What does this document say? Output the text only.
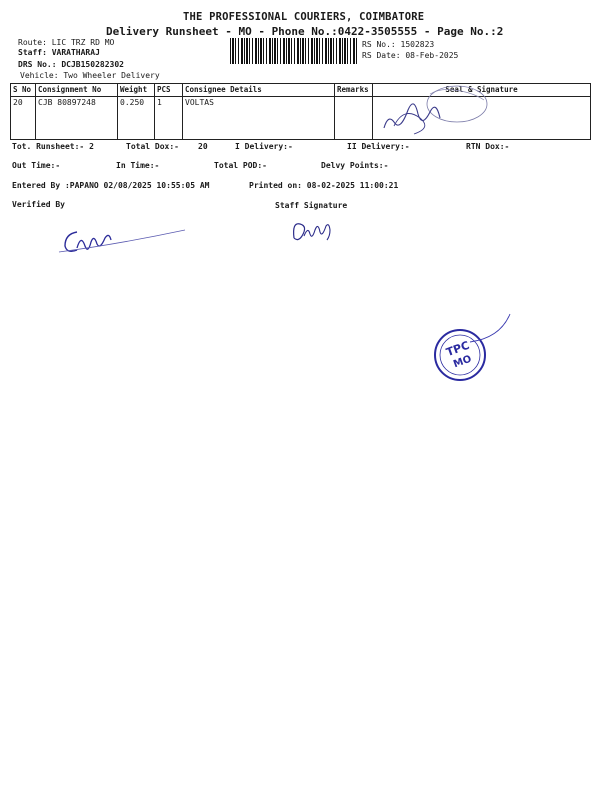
THE PROFESSIONAL COURIERS, COIMBATORE
Delivery Runsheet - MO - Phone No.:0422-3505555 - Page No.:2
Route: LIC TRZ RD MO
Staff: VARATHARAJ
DRS No.: DCJB150282302
Vehicle: Two Wheeler Delivery
RS No.: 1502823
RS Date: 08-Feb-2025
S No	Consignment No	Weight	PCS	Consignee Details	Remarks	Seal & Signature
20	CJB 80897248	0.250	1	VOLTAS		
Tot. Runsheet:- 2	Total Dox:- 20	I Delivery:-	II Delivery:-	RTN Dox:-
Out Time:-	In Time:-	Total POD:-	Delvy Points:-
Entered By :PAPANO 02/08/2025 10:55:05 AM	Printed on: 08-02-2025 11:00:21
Verified By	Staff Signature
TPC
MO
